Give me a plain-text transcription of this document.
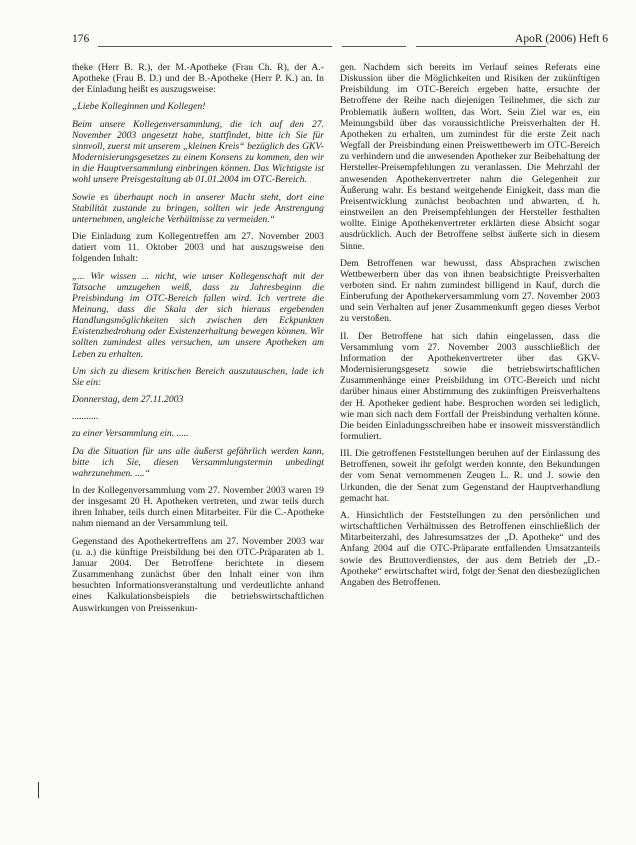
176	ApoR (2006) Heft 6

theke (Herr B. R.), der M.-Apotheke (Frau Ch. R), der A.-Apotheke (Frau B. D.) und der B.-Apotheke (Herr P. K.) an. In der Einladung heißt es auszugsweise:

„Liebe Kolleginnen und Kollegen!

Beim unsere Kollegenversammlung, die ich auf den 27. November 2003 angesetzt habe, stattfindet, bitte ich Sie für sinnvoll, zuerst mit unserem „kleinen Kreis“ bezüglich des GKV-Modernisierungsgesetzes zu einem Konsens zu kommen, den wir in die Hauptversammlung einbringen können. Das Wichtigste ist wohl unsere Preisgestaltung ab 01.01.2004 im OTC-Bereich.

Sowie es überhaupt noch in unserer Macht steht, dort eine Stabilität zustande zu bringen, sollten wir jede Anstrengung unternehmen, ungleiche Verhältnisse zu vermeiden.“

Die Einladung zum Kollegentreffen am 27. November 2003 datiert vom 11. Oktober 2003 und hat auszugsweise den folgenden Inhalt:

„... Wir wissen ... nicht, wie unser Kollegenschaft mit der Tatsache umzugehen weiß, dass zu Jahresbeginn die Preisbindung im OTC-Bereich fallen wird. Ich vertrete die Meinung, dass die Skala der sich hieraus ergebenden Handlungsmöglichkeiten sich zwischen den Eckpunkten Existenzbedrohung oder Existenzerhaltung bewegen können. Wir sollten zumindest alles versuchen, um unsere Apotheken am Leben zu erhalten.

Um sich zu diesem kritischen Bereich auszutauschen, lade ich Sie ein:

Donnerstag, dem 27.11.2003

...........

zu einer Versammlung ein. .....

Da die Situation für uns alle äußerst gefährlich werden kann, bitte ich Sie, diesen Versammlungstermin unbedingt wahrzunehmen. ....“

In der Kollegenversammlung vom 27. November 2003 waren 19 der insgesamt 20 H. Apotheken vertreten, und zwar teils durch ihren Inhaber, teils durch einen Mitarbeiter. Für die C.-Apotheke nahm niemand an der Versammlung teil.

Gegenstand des Apothekertreffens am 27. November 2003 war (u. a.) die künftige Preisbildung bei den OTC-Präparaten ab 1. Januar 2004. Der Betroffene berichtete in diesem Zusammenhang zunächst über den Inhalt einer von ihm besuchten Informationsveranstaltung und verdeutlichte anhand eines Kalkulationsbeispiels die betriebswirtschaftlichen Auswirkungen von Preissenkun-

gen. Nachdem sich bereits im Verlauf seines Referats eine Diskussion über die Möglichkeiten und Risiken der zukünftigen Preisbildung im OTC-Bereich ergeben hatte, ersuchte der Betroffene der Reihe nach diejenigen Teilnehmer, die sich zur Problematik äußern wollten, das Wort. Sein Ziel war es, ein Meinungsbild über das voraussichtliche Preisverhalten der H. Apotheken zu erhalten, um zumindest für die erste Zeit nach Wegfall der Preisbindung einen Preiswettbewerb im OTC-Bereich zu verhindern und die anwesenden Apotheker zur Beibehaltung der Hersteller-Preisempfehlungen zu veranlassen. Die Mehrzahl der anwesenden Apothekenvertreter nahm die Gelegenheit zur Äußerung wahr. Es bestand weitgehende Einigkeit, dass man die Preisentwicklung zunächst beobachten und abwarten, d. h. einstweilen an den Preisempfehlungen der Hersteller festhalten wollte. Einige Apothekenvertreter erklärten diese Absicht sogar ausdrücklich. Auch der Betroffene selbst äußerte sich in diesem Sinne.

Dem Betroffenen war bewusst, dass Absprachen zwischen Wettbewerbern über das von ihnen beabsichtigte Preisverhalten verboten sind. Er nahm zumindest billigend in Kauf, durch die Einberufung der Apothekerversammlung vom 27. November 2003 und sein Verhalten auf jener Zusammenkunft gegen dieses Verbot zu verstoßen.

II. Der Betroffene hat sich dahin eingelassen, dass die Versammlung vom 27. November 2003 ausschließlich der Information der Apothekenvertreter über das GKV-Modernisierungsgesetz sowie die betriebswirtschaftlichen Zusammenhänge einer Preisbildung im OTC-Bereich und nicht darüber hinaus einer Abstimmung des zukünftigen Preisverhaltens der H. Apotheker gedient habe. Besprochen worden sei lediglich, wie man sich nach dem Fortfall der Preisbindung verhalten könne. Die beiden Einladungsschreiben habe er insoweit missverständlich formuliert.

III. Die getroffenen Feststellungen beruhen auf der Einlassung des Betroffenen, soweit ihr gefolgt werden konnte, den Bekundungen der vom Senat vernommenen Zeugen L. R. und J. sowie den Urkunden, die der Senat zum Gegenstand der Hauptverhandlung gemacht hat.

A. Hinsichtlich der Feststellungen zu den persönlichen und wirtschaftlichen Verhältnissen des Betroffenen einschließlich der Mitarbeiterzahl, des Jahresumsatzes der „D. Apotheke“ und des Anfang 2004 auf die OTC-Präparate entfallenden Umsatzanteils sowie des Bruttoverdienstes, der aus dem Betrieb der „D.-Apotheke“ erwirtschaftet wird, folgt der Senat den diesbezüglichen Angaben des Betroffenen.
